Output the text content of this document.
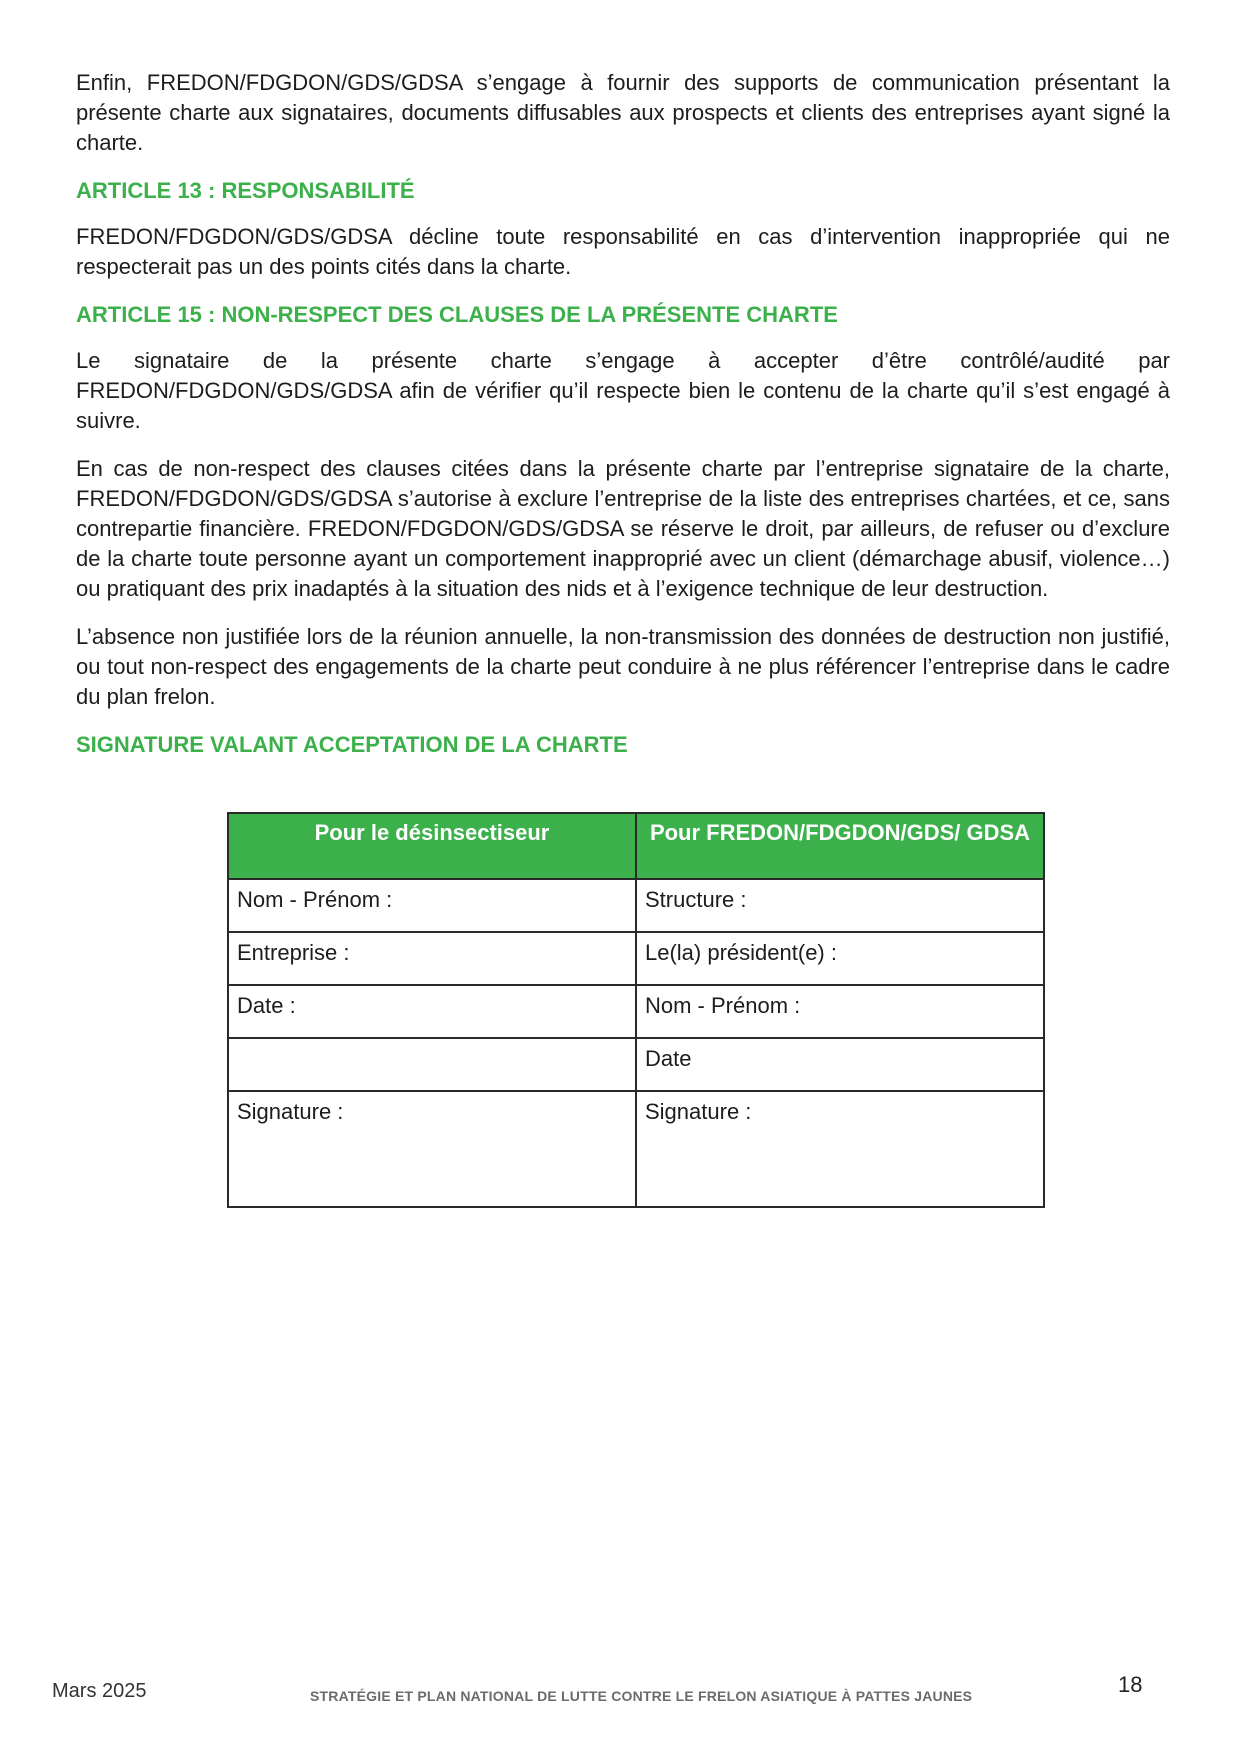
Enfin, FREDON/FDGDON/GDS/GDSA s’engage à fournir des supports de communication présentant la présente charte aux signataires, documents diffusables aux prospects et clients des entreprises ayant signé la charte.

ARTICLE 13 : RESPONSABILITÉ

FREDON/FDGDON/GDS/GDSA décline toute responsabilité en cas d’intervention inappropriée qui ne respecterait pas un des points cités dans la charte.

ARTICLE 15 : NON-RESPECT DES CLAUSES DE LA PRÉSENTE CHARTE

Le signataire de la présente charte s’engage à accepter d’être contrôlé/audité par FREDON/FDGDON/GDS/GDSA afin de vérifier qu’il respecte bien le contenu de la charte qu’il s’est engagé à suivre.

En cas de non-respect des clauses citées dans la présente charte par l’entreprise signataire de la charte, FREDON/FDGDON/GDS/GDSA s’autorise à exclure l’entreprise de la liste des entreprises chartées, et ce, sans contrepartie financière. FREDON/FDGDON/GDS/GDSA se réserve le droit, par ailleurs, de refuser ou d’exclure de la charte toute personne ayant un comportement inapproprié avec un client (démarchage abusif, violence…) ou pratiquant des prix inadaptés à la situation des nids et à l’exigence technique de leur destruction.

L’absence non justifiée lors de la réunion annuelle, la non-transmission des données de destruction non justifié, ou tout non-respect des engagements de la charte peut conduire à ne plus référencer l’entreprise dans le cadre du plan frelon.

SIGNATURE VALANT ACCEPTATION DE LA CHARTE
Pour le désinsectiseur	Pour FREDON/FDGDON/GDS/ GDSA
Nom - Prénom :	Structure :
Entreprise :	Le(la) président(e) :
Date :	Nom - Prénom :
	Date
Signature :	Signature :
Mars 2025	STRATÉGIE ET PLAN NATIONAL DE LUTTE CONTRE LE FRELON ASIATIQUE À PATTES JAUNES	18
